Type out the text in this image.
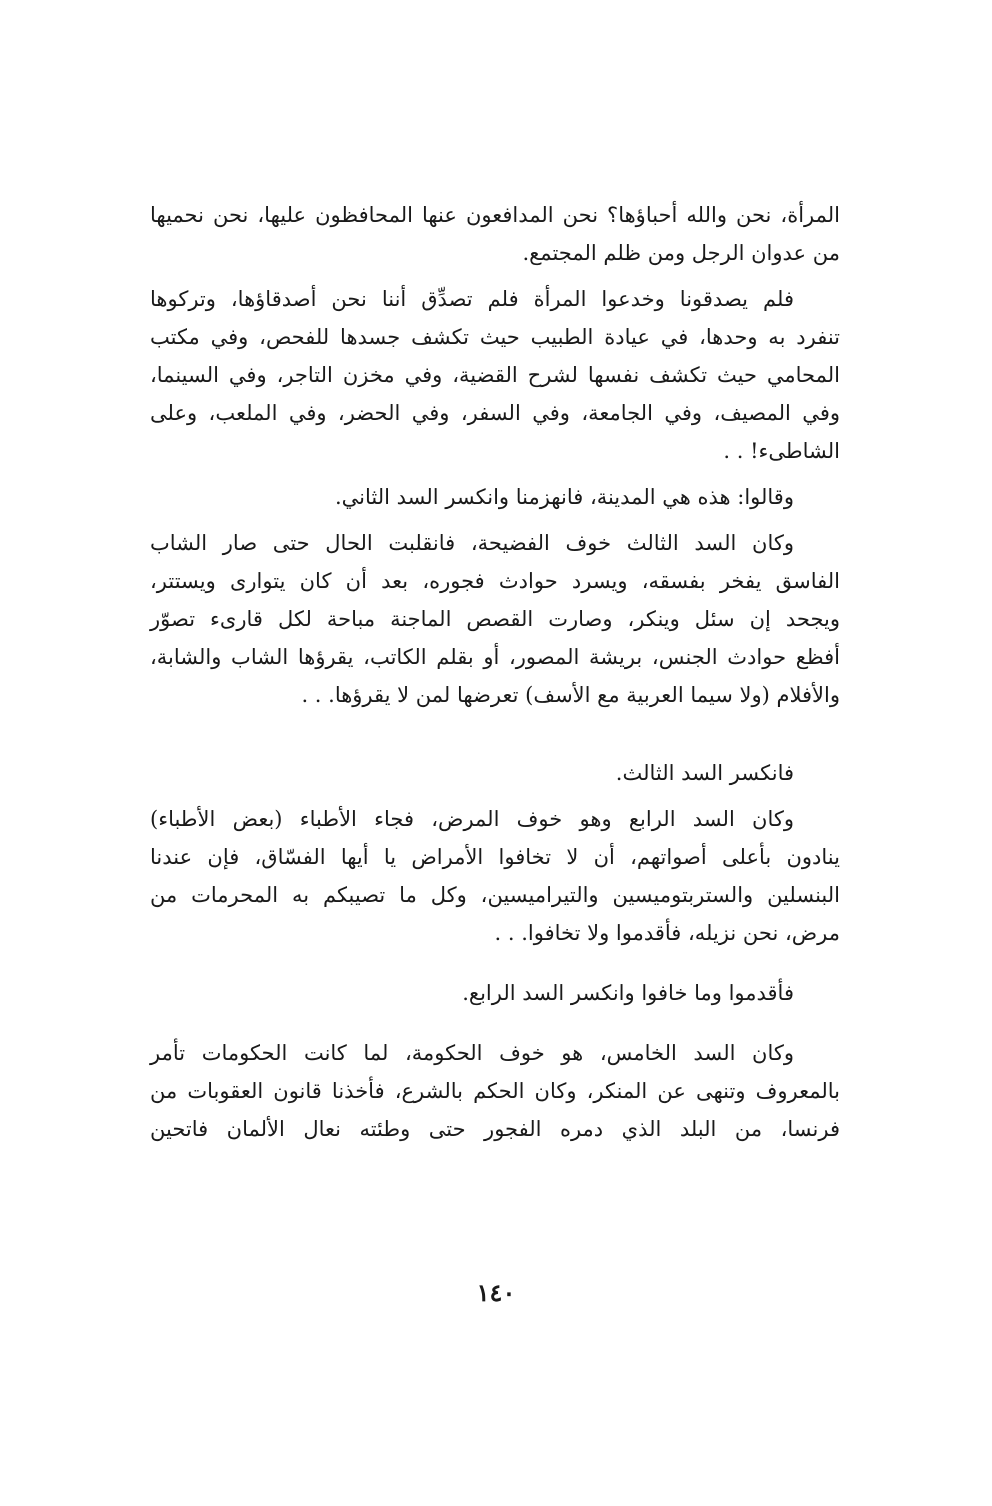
المرأة، نحن والله أحباؤها؟ نحن المدافعون عنها المحافظون عليها، نحن نحميها
من عدوان الرجل ومن ظلم المجتمع.
فلم يصدقونا وخدعوا المرأة فلم تصدِّق أننا نحن أصدقاؤها، وتركوها
تنفرد به وحدها، في عيادة الطبيب حيث تكشف جسدها للفحص، وفي مكتب
المحامي حيث تكشف نفسها لشرح القضية، وفي مخزن التاجر، وفي السينما،
وفي المصيف، وفي الجامعة، وفي السفر، وفي الحضر، وفي الملعب، وعلى
الشاطىء! . .
وقالوا: هذه هي المدينة، فانهزمنا وانكسر السد الثاني.
وكان السد الثالث خوف الفضيحة، فانقلبت الحال حتى صار الشاب
الفاسق يفخر بفسقه، ويسرد حوادث فجوره، بعد أن كان يتوارى ويستتر،
ويجحد إن سئل وينكر، وصارت القصص الماجنة مباحة لكل قارىء تصوّر
أفظع حوادث الجنس، بريشة المصور، أو بقلم الكاتب، يقرؤها الشاب والشابة،
والأفلام (ولا سيما العربية مع الأسف) تعرضها لمن لا يقرؤها. . .
فانكسر السد الثالث.
وكان السد الرابع وهو خوف المرض، فجاء الأطباء (بعض الأطباء)
ينادون بأعلى أصواتهم، أن لا تخافوا الأمراض يا أيها الفسّاق، فإن عندنا
البنسلين والستربتوميسين والتيراميسين، وكل ما تصيبكم به المحرمات من
مرض، نحن نزيله، فأقدموا ولا تخافوا. . .
فأقدموا وما خافوا وانكسر السد الرابع.
وكان السد الخامس، هو خوف الحكومة، لما كانت الحكومات تأمر
بالمعروف وتنهى عن المنكر، وكان الحكم بالشرع، فأخذنا قانون العقوبات من
فرنسا، من البلد الذي دمره الفجور حتى وطئته نعال الألمان فاتحين
١٤٠
